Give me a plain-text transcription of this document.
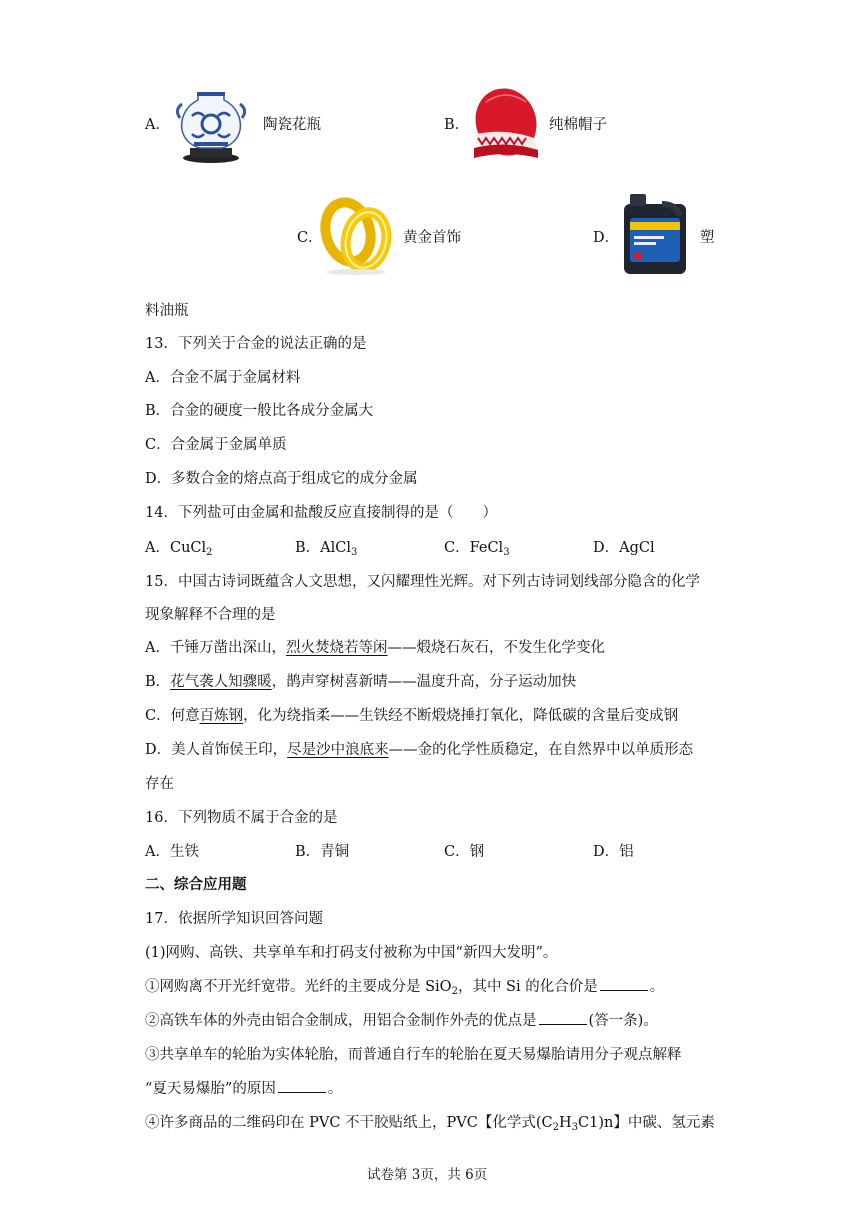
A．	陶瓷花瓶	B．	纯棉帽子
C．	黄金首饰	D．	塑
料油瓶
13．下列关于合金的说法正确的是
A．合金不属于金属材料
B．合金的硬度一般比各成分金属大
C．合金属于金属单质
D．多数合金的熔点高于组成它的成分金属
14．下列盐可由金属和盐酸反应直接制得的是（　　）
A．CuCl$_2$	B．AlCl$_3$	C．FeCl$_3$	D．AgCl
15．中国古诗词既蕴含人文思想，又闪耀理性光辉。对下列古诗词划线部分隐含的化学
现象解释不合理的是
A．千锤万凿出深山，烈火焚烧若等闲——煅烧石灰石，不发生化学变化
B．花气袭人知骤暖，鹊声穿树喜新晴——温度升高，分子运动加快
C．何意百炼钢，化为绕指柔——生铁经不断煅烧捶打氧化，降低碳的含量后变成钢
D．美人首饰侯王印，尽是沙中浪底来——金的化学性质稳定，在自然界中以单质形态
存在
16．下列物质不属于合金的是
A．生铁	B．青铜	C．钢	D．铝
二、综合应用题
17．依据所学知识回答问题
(1)网购、高铁、共享单车和打码支付被称为中国“新四大发明”。
①网购离不开光纤宽带。光纤的主要成分是 SiO$_2$，其中 Si 的化合价是	。
②高铁车体的外壳由铝合金制成，用铝合金制作外壳的优点是	(答一条)。
③共享单车的轮胎为实体轮胎，而普通自行车的轮胎在夏天易爆胎请用分子观点解释
“夏天易爆胎”的原因	。
④许多商品的二维码印在 PVC 不干胶贴纸上，PVC【化学式$(C_2H_3C1)n$】中碳、氢元素
试卷第 3页，共 6页
